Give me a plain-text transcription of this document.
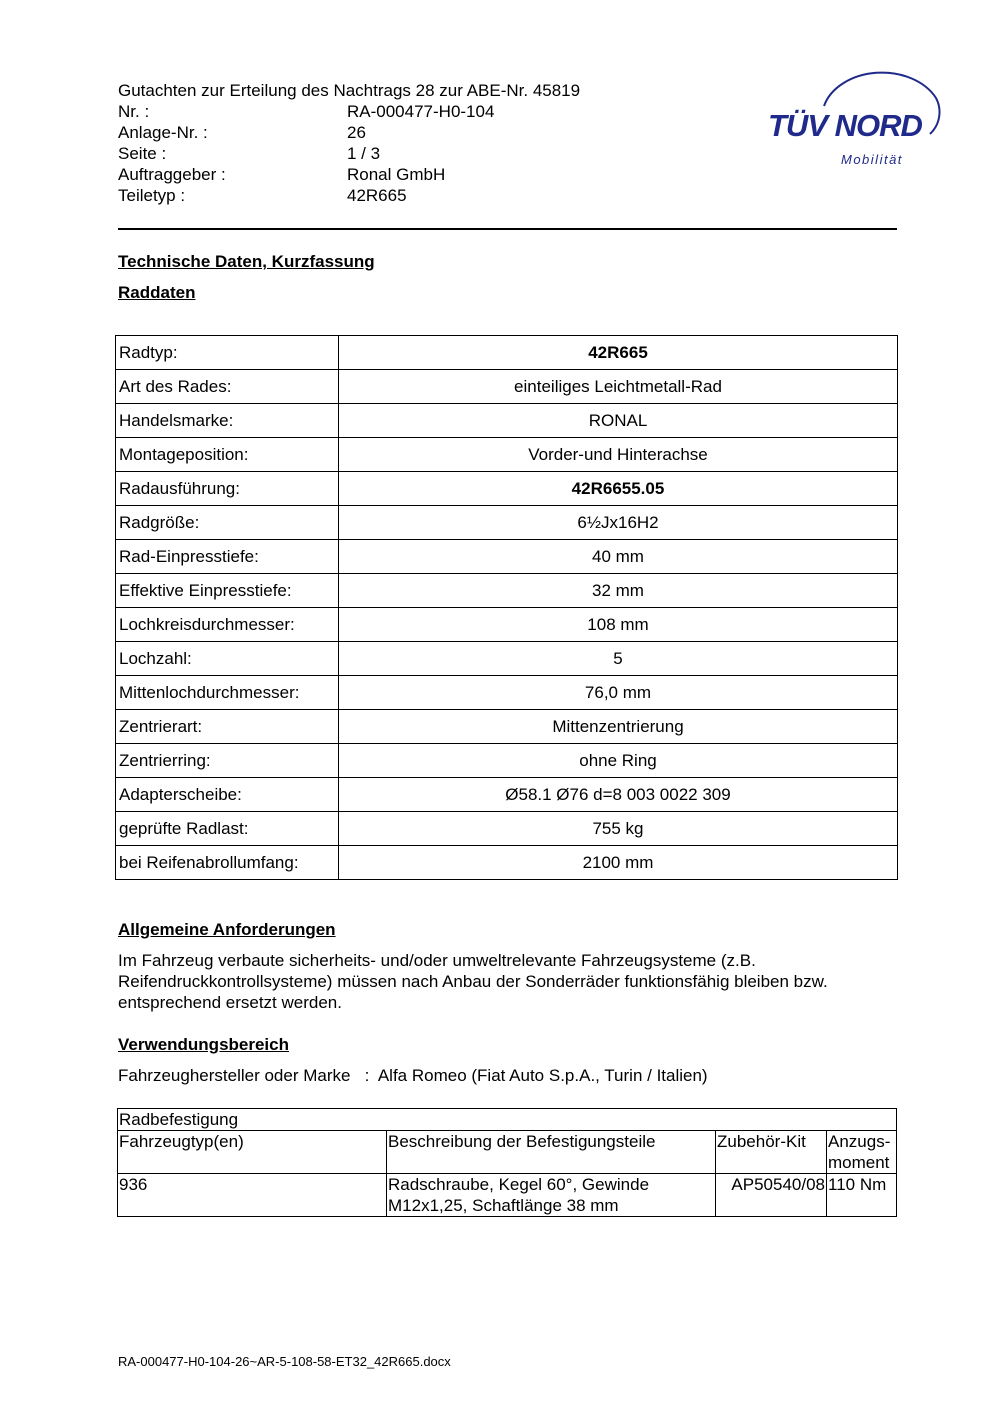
Gutachten zur Erteilung des Nachtrags 28 zur ABE-Nr. 45819
Nr. :	RA-000477-H0-104
Anlage-Nr. :	26
Seite :	1 / 3
Auftraggeber :	Ronal GmbH
Teiletyp :	42R665
TÜV NORD
Mobilität
Technische Daten, Kurzfassung
Raddaten
Radtyp:	42R665
Art des Rades:	einteiliges Leichtmetall-Rad
Handelsmarke:	RONAL
Montageposition:	Vorder-und Hinterachse
Radausführung:	42R6655.05
Radgröße:	6½Jx16H2
Rad-Einpresstiefe:	40 mm
Effektive Einpresstiefe:	32 mm
Lochkreisdurchmesser:	108 mm
Lochzahl:	5
Mittenlochdurchmesser:	76,0 mm
Zentrierart:	Mittenzentrierung
Zentrierring:	ohne Ring
Adapterscheibe:	Ø58.1 Ø76 d=8 003 0022 309
geprüfte Radlast:	755 kg
bei Reifenabrollumfang:	2100 mm
Allgemeine Anforderungen
Im Fahrzeug verbaute sicherheits- und/oder umweltrelevante Fahrzeugsysteme (z.B. Reifendruckkontrollsysteme) müssen nach Anbau der Sonderräder funktionsfähig bleiben bzw. entsprechend ersetzt werden.
Verwendungsbereich
Fahrzeughersteller oder Marke   :  Alfa Romeo (Fiat Auto S.p.A., Turin / Italien)
Radbefestigung			
Fahrzeugtyp(en)	Beschreibung der Befestigungsteile	Zubehör-Kit	Anzugs-moment
936	Radschraube, Kegel 60°, Gewinde M12x1,25, Schaftlänge 38 mm	AP50540/08	110 Nm
RA-000477-H0-104-26~AR-5-108-58-ET32_42R665.docx
